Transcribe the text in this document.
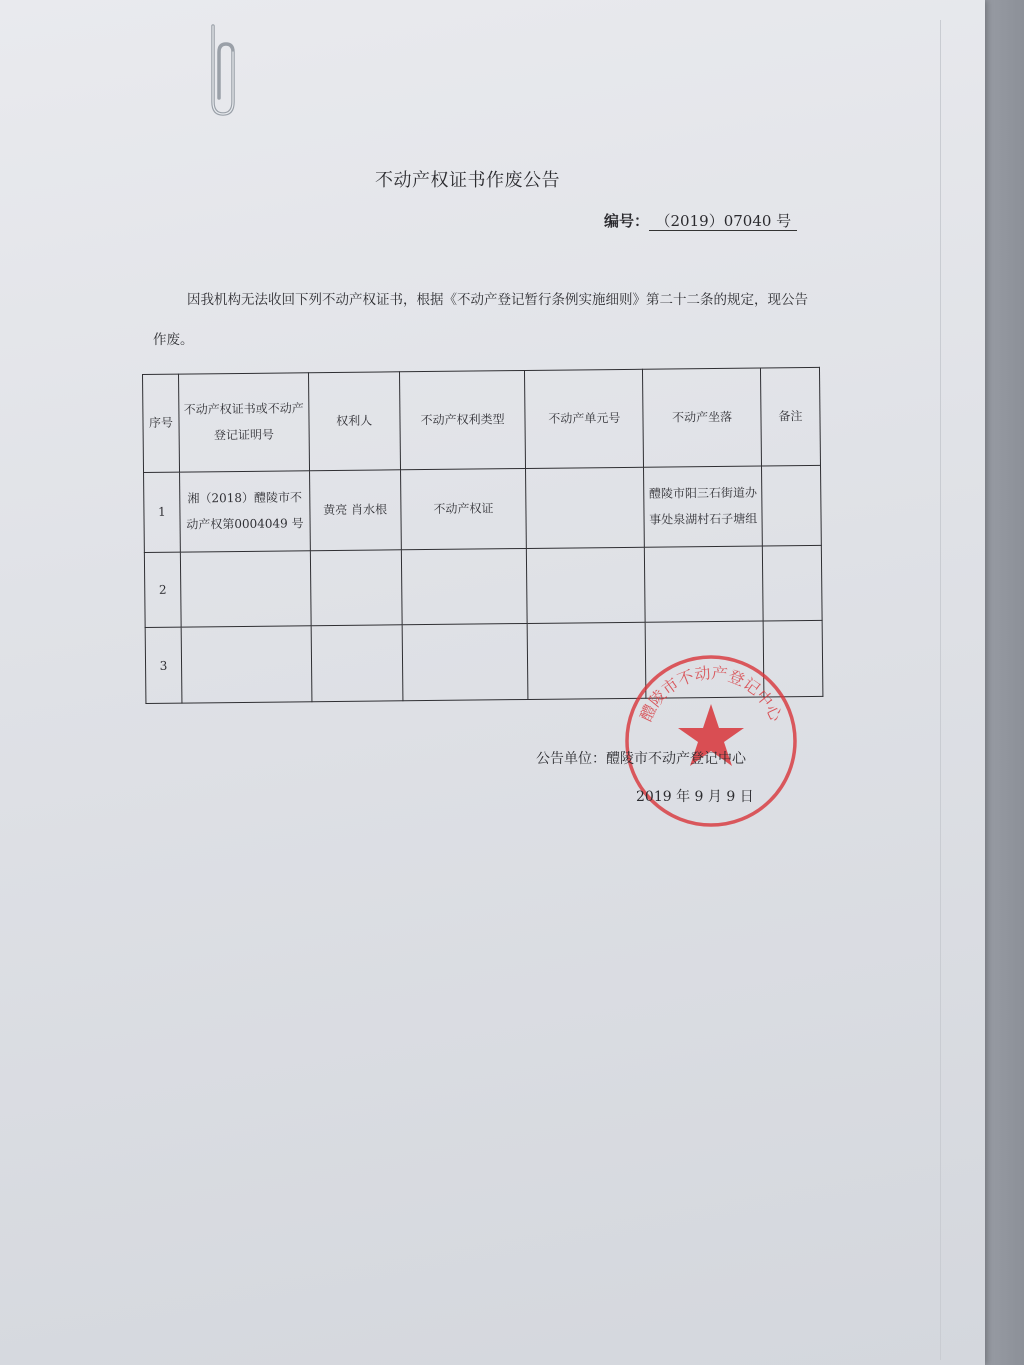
不动产权证书作废公告
编号： （2019）07040 号
因我机构无法收回下列不动产权证书，根据《不动产登记暂行条例实施细则》第二十二条的规定，现公告作废。
序号	不动产权证书或不动产登记证明号	权利人	不动产权利类型	不动产单元号	不动产坐落	备注
1	湘（2018）醴陵市不动产权第0004049 号	黄亮 肖水根	不动产权证		醴陵市阳三石街道办事处泉湖村石子塘组	
2						
3						
醴陵市不动产登记中心
公告单位：醴陵市不动产登记中心
2019 年 9 月 9 日
